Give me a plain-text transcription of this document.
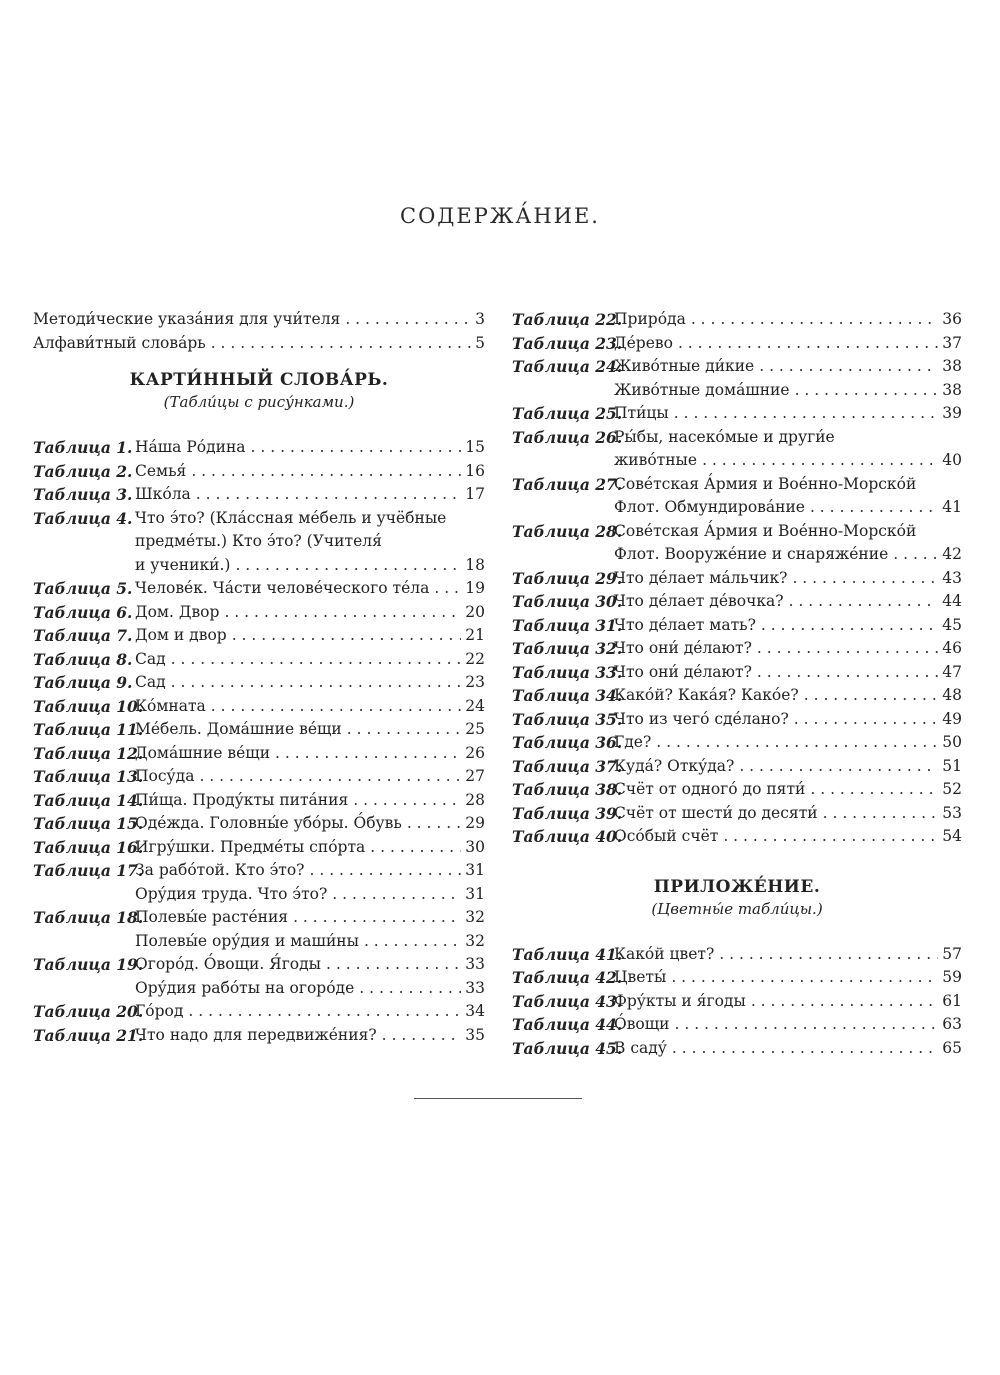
СОДЕРЖА́НИЕ.
Методи́ческие указа́ния для учи́теля . . .	3
Алфави́тный слова́рь . . .	5
КАРТИ́ННЫЙ СЛОВА́РЬ.
(Табли́цы с рису́нками.)
Таблица 1. На́ша Ро́дина . . .	15
Таблица 2. Семья́ . . .	16
Таблица 3. Шко́ла . . .	17
Таблица 4. Что э́то? (Кла́ссная ме́бель и учёбные
предме́ты.) Кто э́то? (Учителя́
и ученики́.) . . .	18
Таблица 5. Челове́к. Ча́сти челове́ческого те́ла . . . 19
Таблица 6. Дом. Двор . . .	20
Таблица 7. Дом и двор . . .	21
Таблица 8. Сад . . .	22
Таблица 9. Сад . . .	23
Таблица 10.
Ко́мната . . .	24
Таблица 11.
Ме́бель. Дома́шние ве́щи . . .	25
Таблица 12.
Дома́шние ве́щи . . .	26
Таблица 13.
Посу́да . . .	27
Таблица 14.
Пи́ща. Проду́кты пита́ния . . .	28
Таблица 15.
Оде́жда. Головны́е убо́ры. О́бувь . . .	29
Таблица 16.
Игру́шки. Предме́ты спо́рта . . .	30
Таблица 17.
За рабо́той. Кто э́то? . . .	31
Ору́дия труда. Что э́то? . . .	31
Таблица 18.
Полевы́е расте́ния . . .	32
Полевы́е ору́дия и маши́ны . . .	32
Таблица 19.
Огоро́д. О́вощи. Я́годы . . .	33
Ору́дия рабо́ты на огоро́де . . .	33
Таблица 20.
Го́род . . .	34
Таблица 21.
Что надо для передвиже́ния? . . .	35
Таблица 22.
Приро́да . . .	36
Таблица 23.
Де́рево . . .	37
Таблица 24.
Живо́тные ди́кие . . .	38
Живо́тные дома́шние . . .	38
Таблица 25.
Пти́цы . . .	39
Таблица 26.
Ры́бы, насеко́мые и други́е
живо́тные . . .	40
Таблица 27.
Сове́тская А́рмия и Вое́нно-Морско́й
Флот. Обмундирова́ние . . .	41
Таблица 28.
Сове́тская А́рмия и Вое́нно-Морско́й
Флот. Вооруже́ние и снаряже́ние . . .	42
Таблица 29.
Что де́лает ма́льчик? . . .	43
Таблица 30.
Что де́лает де́вочка? . . .	44
Таблица 31.
Что де́лает мать? . . .	45
Таблица 32.
Что они́ де́лают? . . .	46
Таблица 33.
Что они́ де́лают? . . .	47
Таблица 34.
Како́й? Кака́я? Како́е? . . .	48
Таблица 35.
Что из чего́ сде́лано? . . .	49
Таблица 36.
Где? . . .	50
Таблица 37.
Куда́? Отку́да? . . .	51
Таблица 38.
Счёт от одного́ до пяти́ . . .	52
Таблица 39.
Счёт от шести́ до десяти́ . . .	53
Таблица 40.
Осо́бый счёт . . .	54
ПРИЛОЖЕ́НИЕ.
(Цветны́е табли́цы.)
Таблица 41.
Како́й цвет? . . .	57
Таблица 42.
Цветы́ . . .	59
Таблица 43.
Фру́кты и я́годы . . .	61
Таблица 44.
О́вощи . . .	63
Таблица 45.
В саду́ . . .	65
